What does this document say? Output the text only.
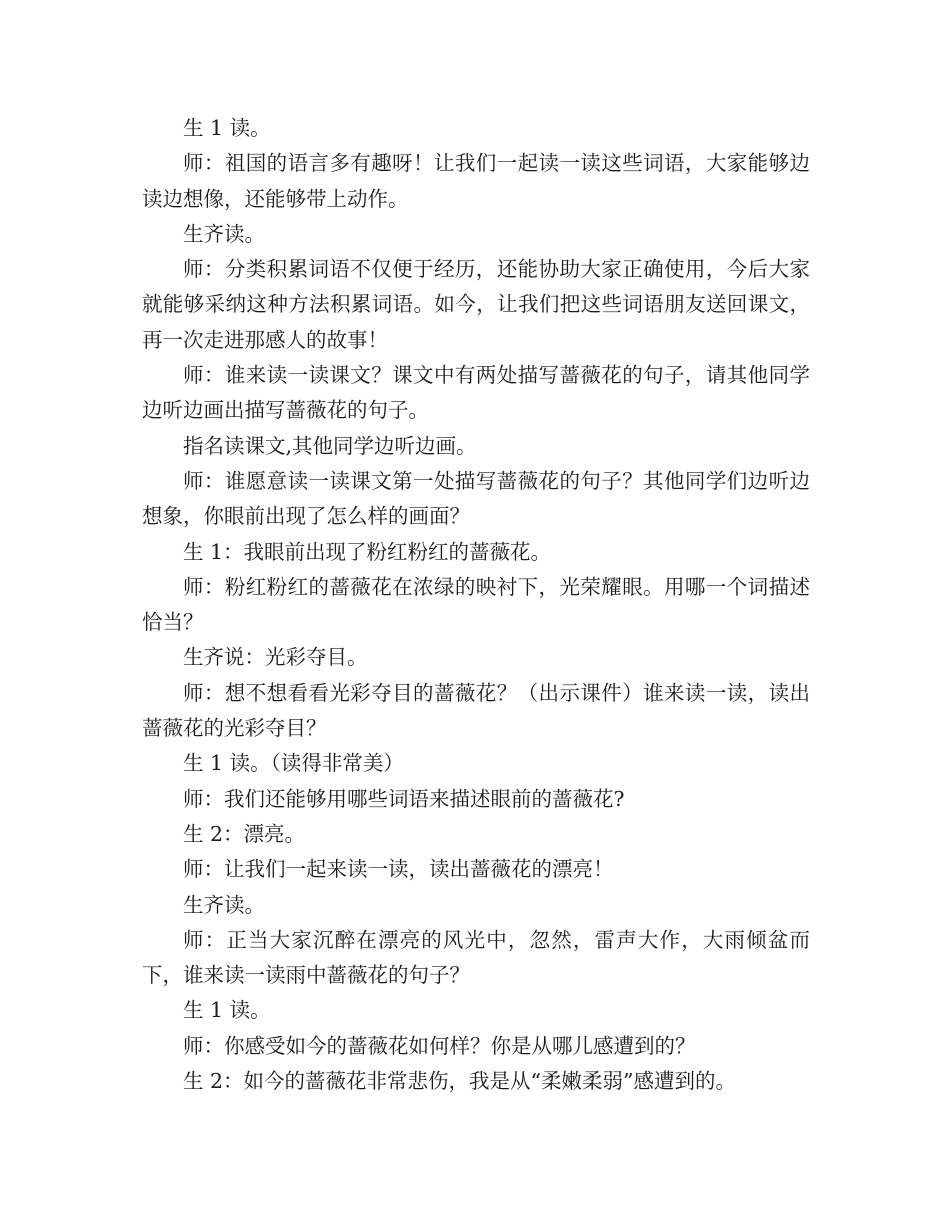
生 1 读。

师：祖国的语言多有趣呀！让我们一起读一读这些词语，大家能够边读边想像，还能够带上动作。

生齐读。

师：分类积累词语不仅便于经历，还能协助大家正确使用，今后大家就能够采纳这种方法积累词语。如今，让我们把这些词语朋友送回课文，再一次走进那感人的故事！

师：谁来读一读课文？课文中有两处描写蔷薇花的句子，请其他同学边听边画出描写蔷薇花的句子。

指名读课文,其他同学边听边画。

师：谁愿意读一读课文第一处描写蔷薇花的句子？其他同学们边听边想象，你眼前出现了怎么样的画面？

生 1：我眼前出现了粉红粉红的蔷薇花。

师：粉红粉红的蔷薇花在浓绿的映衬下，光荣耀眼。用哪一个词描述恰当？

生齐说：光彩夺目。

师：想不想看看光彩夺目的蔷薇花？（出示课件）谁来读一读，读出蔷薇花的光彩夺目？

生 1 读。（读得非常美）

师：我们还能够用哪些词语来描述眼前的蔷薇花?

生 2：漂亮。

师：让我们一起来读一读，读出蔷薇花的漂亮！

生齐读。

师：正当大家沉醉在漂亮的风光中，忽然，雷声大作，大雨倾盆而下，谁来读一读雨中蔷薇花的句子？

生 1 读。

师：你感受如今的蔷薇花如何样？你是从哪儿感遭到的？

生 2：如今的蔷薇花非常悲伤，我是从“柔嫩柔弱”感遭到的。
